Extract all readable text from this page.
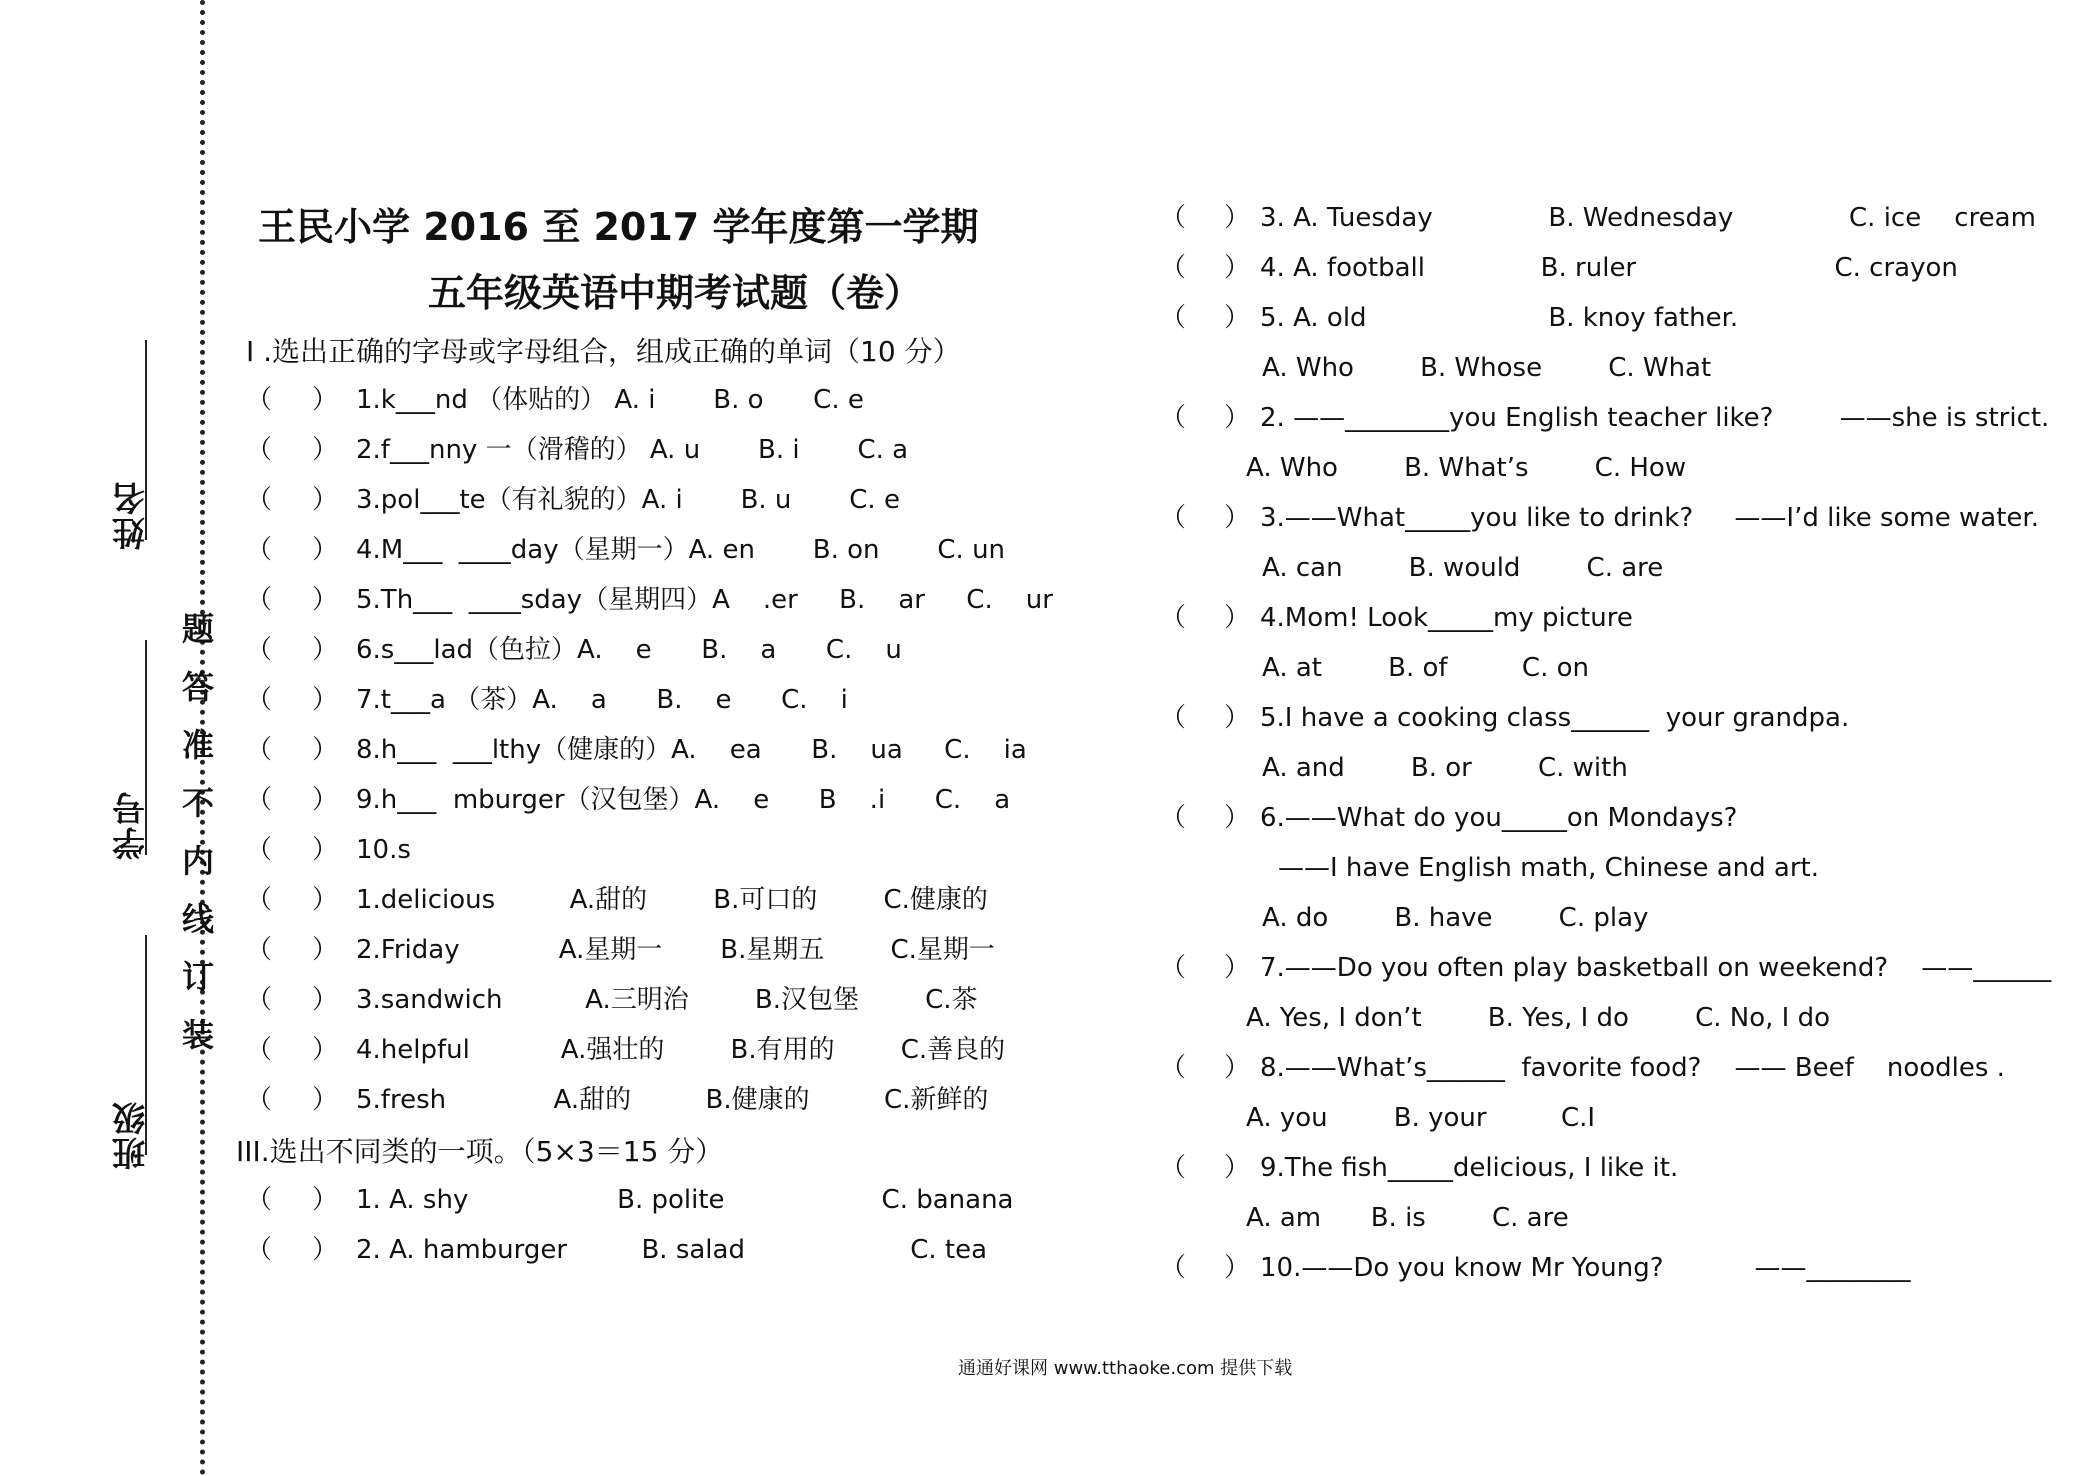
姓名
学号
班级
题
答
准
不
内
线
订
装
王民小学 2016 至 2017 学年度第一学期
五年级英语中期考试题（卷）
I .选出正确的字母或字母组合，组成正确的单词（10 分）
（ ） 1.k___nd （体贴的） A. i       B. o      C. e
（ ） 2.f___nny 一（滑稽的） A. u       B. i       C. a
（ ） 3.pol___te（有礼貌的）A. i       B. u       C. e
（ ） 4.M___  ____day（星期一）A. en       B. on       C. un
（ ） 5.Th___  ____sday（星期四）A    .er     B.    ar     C.    ur
（ ） 6.s___lad（色拉）A.    e      B.    a      C.    u
（ ） 7.t___a （茶）A.    a      B.    e      C.    i
（ ） 8.h___  ___lthy（健康的）A.    ea      B.    ua     C.    ia
（ ） 9.h___  mburger（汉包堡）A.    e      B    .i      C.    a
（ ） 10.s
（ ） 1.delicious         A.甜的        B.可口的        C.健康的
（ ） 2.Friday            A.星期一       B.星期五        C.星期一
（ ） 3.sandwich          A.三明治        B.汉包堡        C.茶
（ ） 4.helpful           A.强壮的        B.有用的        C.善良的
（ ） 5.fresh             A.甜的         B.健康的         C.新鲜的
III.选出不同类的一项。（5×3＝15 分）
（ ） 1. A. shy                  B. polite                   C. banana
（ ） 2. A. hamburger         B. salad                    C. tea
（ ） 3. A. Tuesday              B. Wednesday              C. ice    cream
（ ） 4. A. football              B. ruler                        C. crayon
（ ） 5. A. old                      B. knoy father.
A. Who        B. Whose        C. What
（ ） 2. ——________you English teacher like?        ——she is strict.
A. Who        B. What’s        C. How
（ ） 3.——What_____you like to drink?     ——I’d like some water.
A. can        B. would        C. are
（ ） 4.Mom! Look_____my picture
A. at        B. of         C. on
（ ） 5.I have a cooking class______  your grandpa.
A. and        B. or        C. with
（ ） 6.——What do you_____on Mondays?
——I have English math, Chinese and art.
A. do        B. have        C. play
（ ） 7.——Do you often play basketball on weekend?    ——______
A. Yes, I don’t        B. Yes, I do        C. No, I do
（ ） 8.——What’s______  favorite food?    —— Beef    noodles .
A. you        B. your         C.I
（ ） 9.The fish_____delicious, I like it.
A. am      B. is        C. are
（ ） 10.——Do you know Mr Young?           ——________
通通好课网 www.tthaoke.com 提供下载
